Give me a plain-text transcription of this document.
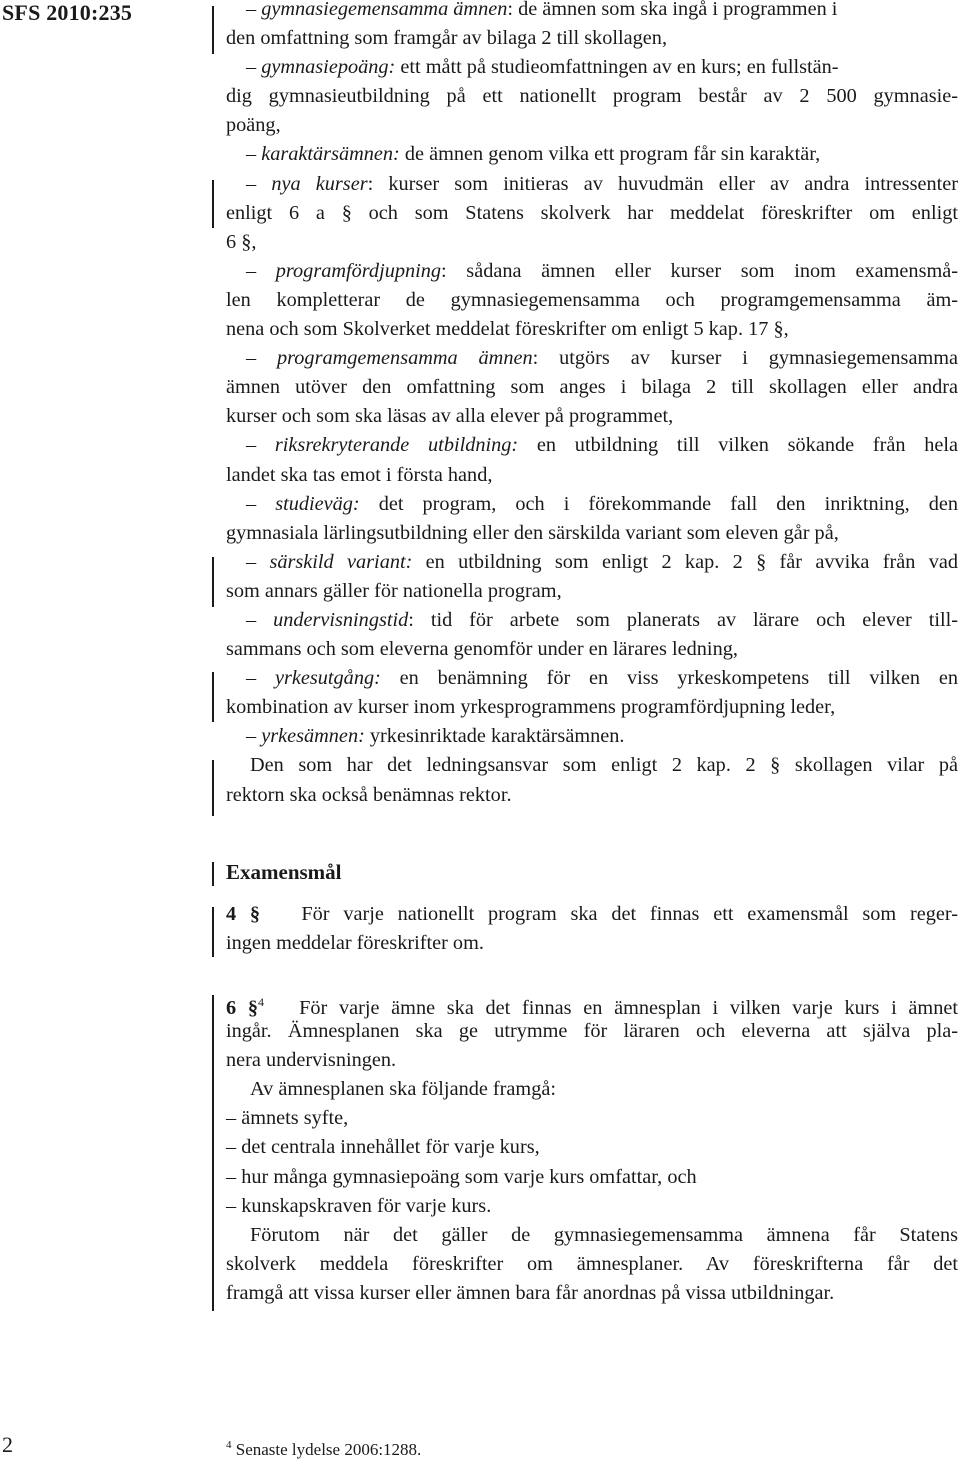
SFS 2010:235	– gymnasiegemensamma ämnen: de ämnen som ska ingå i programmen i
den omfattning som framgår av bilaga 2 till skollagen,
– gymnasiepoäng: ett mått på studieomfattningen av en kurs; en fullstän-
dig gymnasieutbildning på ett nationellt program består av 2 500 gymnasie-
poäng,
– karaktärsämnen: de ämnen genom vilka ett program får sin karaktär,
– nya kurser: kurser som initieras av huvudmän eller av andra intressenter
enligt 6 a § och som Statens skolverk har meddelat föreskrifter om enligt
6 §,
– programfördjupning: sådana ämnen eller kurser som inom examensmå-
len kompletterar de gymnasiegemensamma och programgemensamma äm-
nena och som Skolverket meddelat föreskrifter om enligt 5 kap. 17 §,
– programgemensamma ämnen: utgörs av kurser i gymnasiegemensamma
ämnen utöver den omfattning som anges i bilaga 2 till skollagen eller andra
kurser och som ska läsas av alla elever på programmet,
– riksrekryterande utbildning: en utbildning till vilken sökande från hela
landet ska tas emot i första hand,
– studieväg: det program, och i förekommande fall den inriktning, den
gymnasiala lärlingsutbildning eller den särskilda variant som eleven går på,
– särskild variant: en utbildning som enligt 2 kap. 2 § får avvika från vad
som annars gäller för nationella program,
– undervisningstid: tid för arbete som planerats av lärare och elever till-
sammans och som eleverna genomför under en lärares ledning,
– yrkesutgång: en benämning för en viss yrkeskompetens till vilken en
kombination av kurser inom yrkesprogrammens programfördjupning leder,
– yrkesämnen: yrkesinriktade karaktärsämnen.
Den som har det ledningsansvar som enligt 2 kap. 2 § skollagen vilar på
rektorn ska också benämnas rektor.
Examensmål
4 § För varje nationellt program ska det finnas ett examensmål som reger-
ingen meddelar föreskrifter om.
6 §$^4$ För varje ämne ska det finnas en ämnesplan i vilken varje kurs i ämnet
ingår. Ämnesplanen ska ge utrymme för läraren och eleverna att själva pla-
nera undervisningen.
Av ämnesplanen ska följande framgå:
– ämnets syfte,
– det centrala innehållet för varje kurs,
– hur många gymnasiepoäng som varje kurs omfattar, och
– kunskapskraven för varje kurs.
Förutom när det gäller de gymnasiegemensamma ämnena får Statens
skolverk meddela föreskrifter om ämnesplaner. Av föreskrifterna får det
framgå att vissa kurser eller ämnen bara får anordnas på vissa utbildningar.
2	$^4$ Senaste lydelse 2006:1288.
